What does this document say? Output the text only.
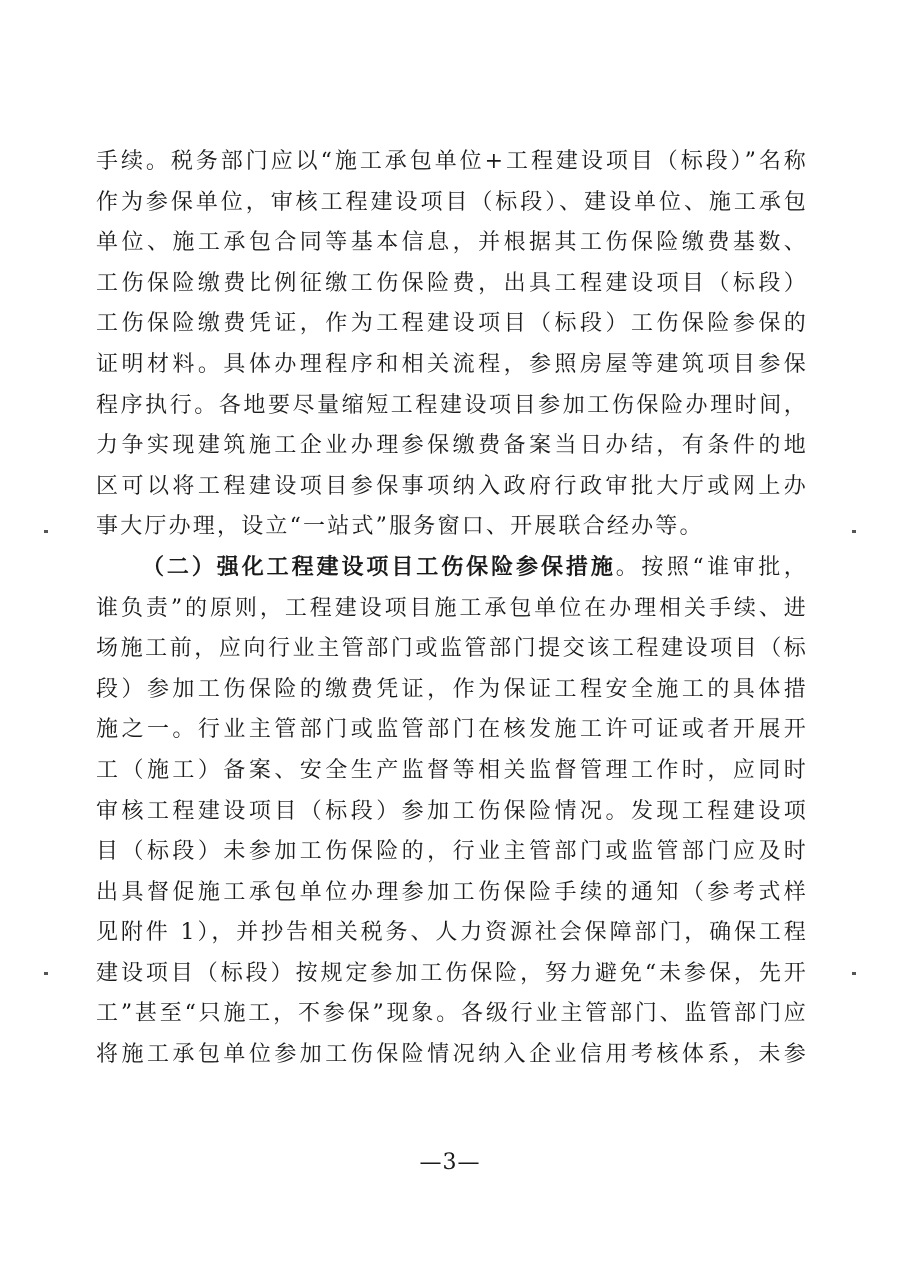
手续。税务部门应以“施工承包单位+工程建设项目（标段）”名称
作为参保单位，审核工程建设项目（标段）、建设单位、施工承包
单位、施工承包合同等基本信息，并根据其工伤保险缴费基数、
工伤保险缴费比例征缴工伤保险费，出具工程建设项目（标段）
工伤保险缴费凭证，作为工程建设项目（标段）工伤保险参保的
证明材料。具体办理程序和相关流程，参照房屋等建筑项目参保
程序执行。各地要尽量缩短工程建设项目参加工伤保险办理时间，
力争实现建筑施工企业办理参保缴费备案当日办结，有条件的地
区可以将工程建设项目参保事项纳入政府行政审批大厅或网上办
事大厅办理，设立“一站式”服务窗口、开展联合经办等。
（二）强化工程建设项目工伤保险参保措施。按照“谁审批，
谁负责”的原则，工程建设项目施工承包单位在办理相关手续、进
场施工前，应向行业主管部门或监管部门提交该工程建设项目（标
段）参加工伤保险的缴费凭证，作为保证工程安全施工的具体措
施之一。行业主管部门或监管部门在核发施工许可证或者开展开
工（施工）备案、安全生产监督等相关监督管理工作时，应同时
审核工程建设项目（标段）参加工伤保险情况。发现工程建设项
目（标段）未参加工伤保险的，行业主管部门或监管部门应及时
出具督促施工承包单位办理参加工伤保险手续的通知（参考式样
见附件 1），并抄告相关税务、人力资源社会保障部门，确保工程
建设项目（标段）按规定参加工伤保险，努力避免“未参保，先开
工”甚至“只施工，不参保”现象。各级行业主管部门、监管部门应
将施工承包单位参加工伤保险情况纳入企业信用考核体系，未参
—3—
